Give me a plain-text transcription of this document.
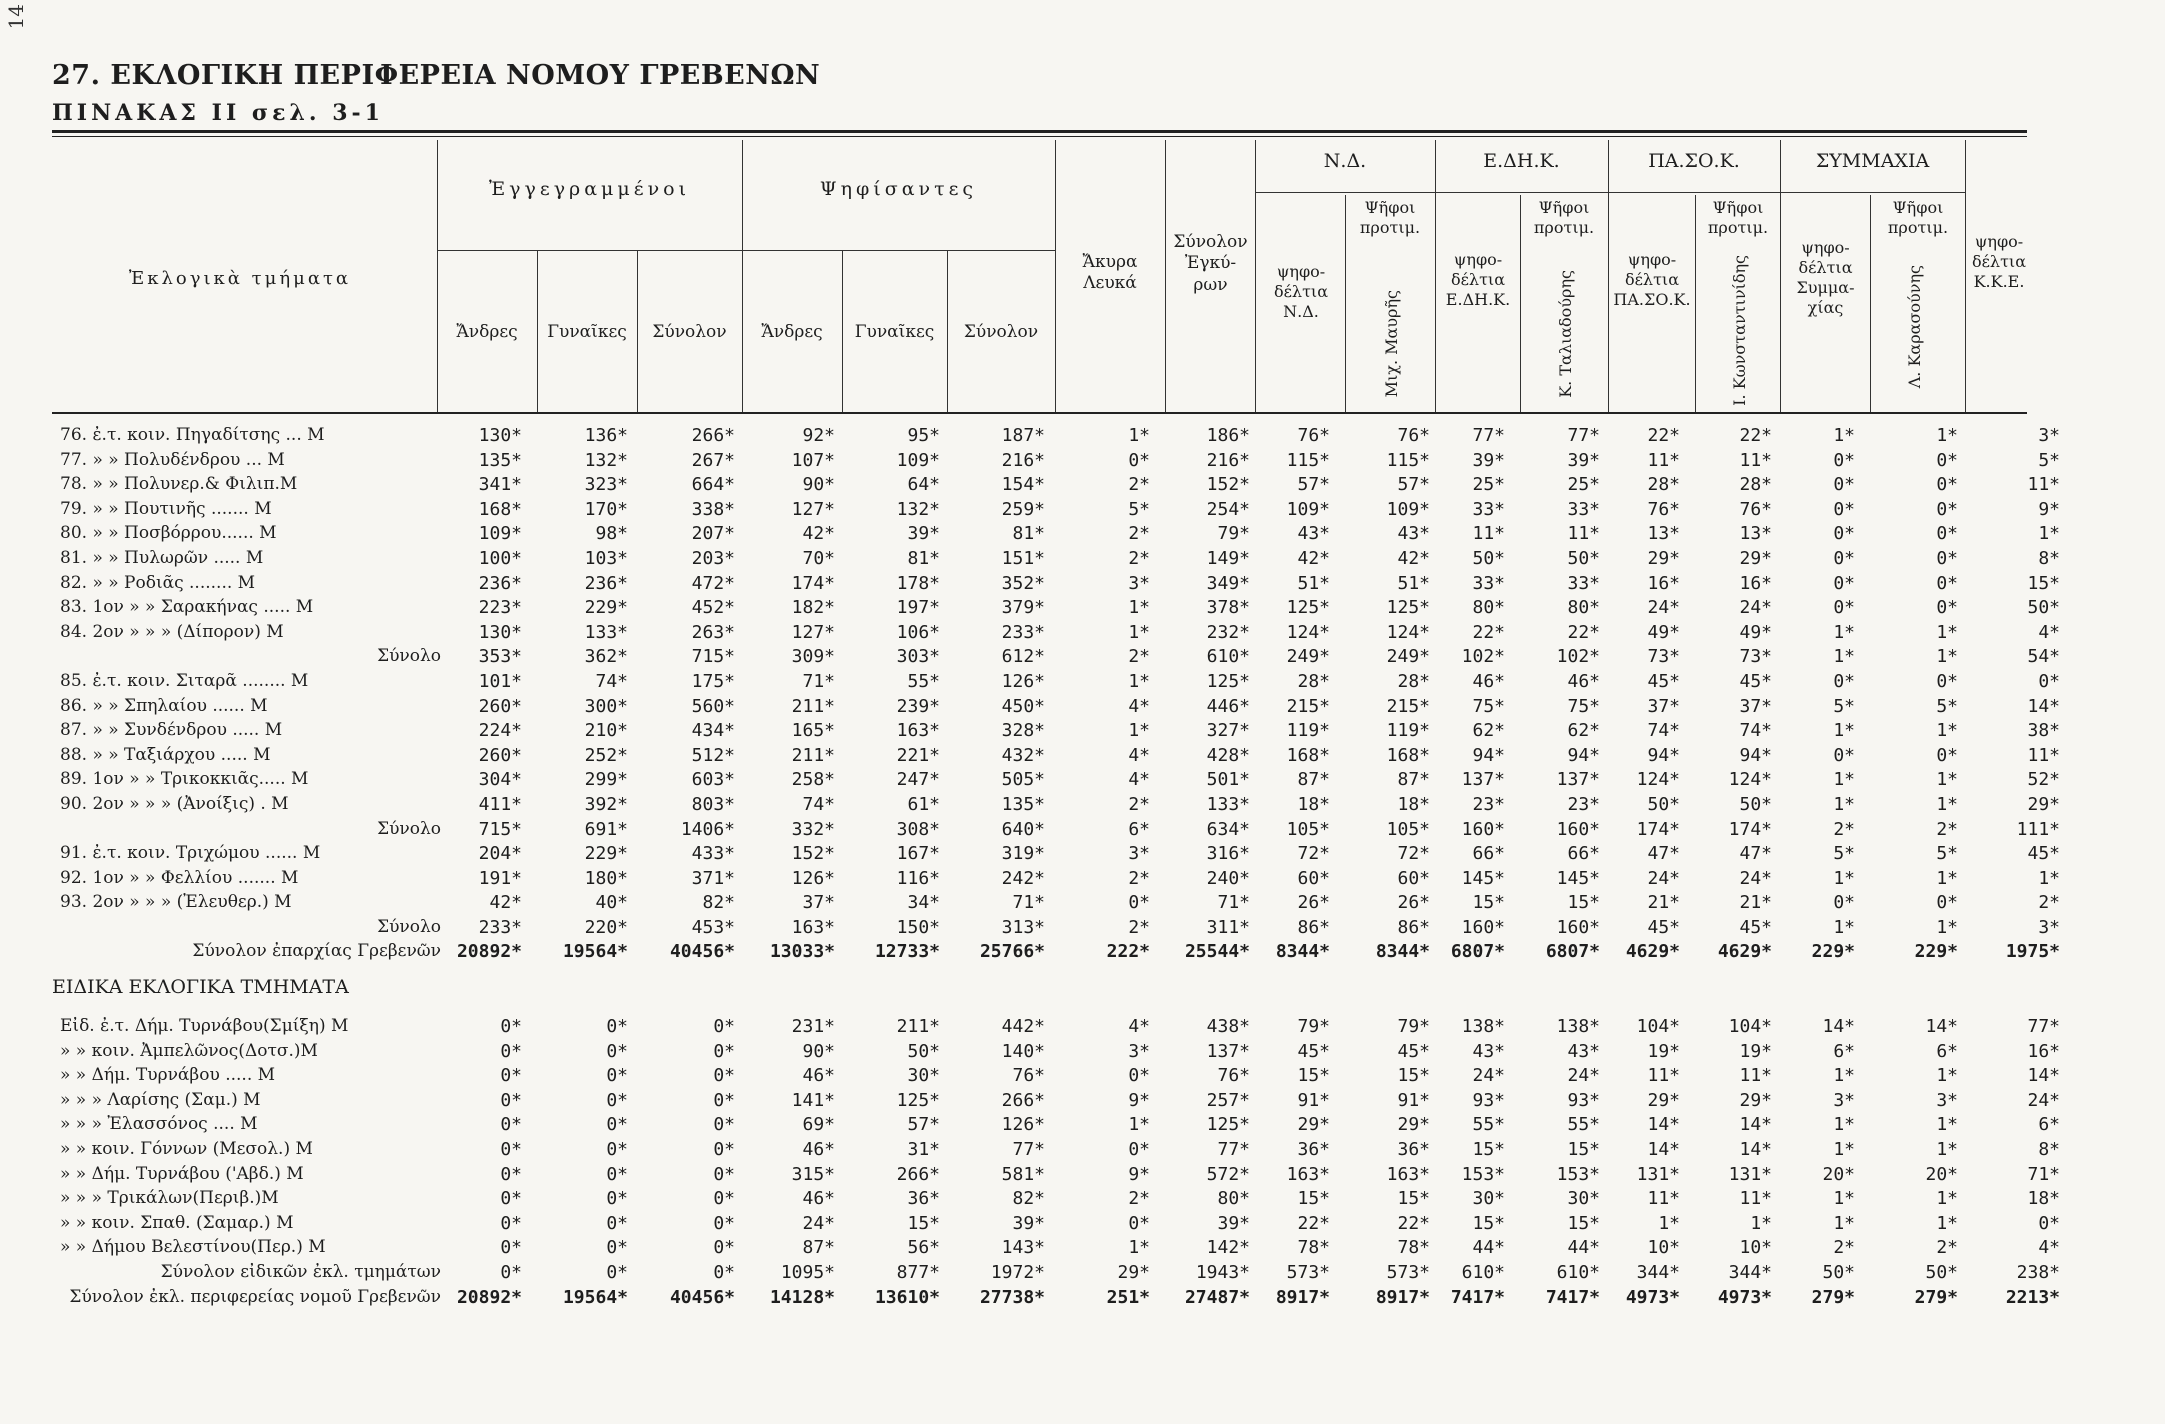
14
27. ΕΚΛΟΓΙΚΗ ΠΕΡΙΦΕΡΕΙΑ ΝΟΜΟΥ ΓΡΕΒΕΝΩΝ
ΠΙΝΑΚΑΣ II σελ. 3-1
Ἐκλογικὰ τμήματα
Ἐγγεγραμμένοι	Ψηφίσαντες
Ἄνδρες	Γυναῖκες	Σύνολον	Ἄνδρες	Γυναῖκες	Σύνολον
Ἄκυρα Λευκά
Σύνολον Ἐγκύ-ρων
Ν.Δ.	Ε.ΔΗ.Κ.	ΠΑ.ΣΟ.Κ.	ΣΥΜΜΑΧΙΑ
ψηφο-δέλτια Ν.Δ.
Ψῆφοι προτιμ.
Μιχ. Μαυρῆς
ψηφο-δέλτια Ε.ΔΗ.Κ.
Ψῆφοι προτιμ.
Κ. Ταλιαδούρης
ψηφο-δέλτια ΠΑ.ΣΟ.Κ.
Ψῆφοι προτιμ.
Ι. Κωνσταντινίδης
ψηφο-δέλτια Συμμα-χίας
Ψῆφοι προτιμ.
Λ. Καρασούνης
ψηφο-δέλτια Κ.Κ.Ε.
76. ἐ.τ. κοιν. Πηγαδίτσης ... M	130*	136*	266*	92*	95*	187*	1*	186*	76*	76* 77*	77*	22*	22*	1*	1*	3*
77. » » Πολυδένδρου ... M	135*	132*	267*	107*	109*	216*	0*	216* 115*	115* 39*	39*	11*	11*	0*	0*	5*
78. » » Πολυνερ.& Φιλιπ.M	341*	323*	664*	90*	64*	154*	2*	152*	57*	57* 25*	25*	28*	28*	0*	0*	11*
79. » » Πουτινῆς ....... M	168*	170*	338*	127*	132*	259*	5*	254* 109*	109* 33*	33*	76*	76*	0*	0*	9*
80. » » Ποσβόρρου...... M	109*	98*	207*	42*	39*	81*	2*	79*	43*	43* 11*	11*	13*	13*	0*	0*	1*
81. » » Πυλωρῶν ..... M	100*	103*	203*	70*	81*	151*	2*	149*	42*	42* 50*	50*	29*	29*	0*	0*	8*
82. » » Ροδιᾶς ........ M	236*	236*	472*	174*	178*	352*	3*	349*	51*	51* 33*	33*	16*	16*	0*	0*	15*
83. 1ον » » Σαρακήνας ..... M	223*	229*	452*	182*	197*	379*	1*	378* 125*	125* 80*	80*	24*	24*	0*	0*	50*
84. 2ον » » » (Δίπορον) M	130*	133*	263*	127*	106*	233*	1*	232* 124*	124* 22*	22*	49*	49*	1*	1*	4*
Σύνολο 353*	362*	715*	309*	303*	612*	2*	610* 249*	249* 102*	102*	73*	73*	1*	1*	54*
85. ἐ.τ. κοιν. Σιταρᾶ ........ M	101*	74*	175*	71*	55*	126*	1*	125*	28*	28* 46*	46*	45*	45*	0*	0*	0*
86. » » Σπηλαίου ...... M	260*	300*	560*	211*	239*	450*	4*	446* 215*	215* 75*	75*	37*	37*	5*	5*	14*
87. » » Συνδένδρου ..... M	224*	210*	434*	165*	163*	328*	1*	327* 119*	119* 62*	62*	74*	74*	1*	1*	38*
88. » » Ταξιάρχου ..... M	260*	252*	512*	211*	221*	432*	4*	428* 168*	168* 94*	94*	94*	94*	0*	0*	11*
89. 1ον » » Τρικοκκιᾶς..... M	304*	299*	603*	258*	247*	505*	4*	501*	87*	87* 137*	137* 124*	124*	1*	1*	52*
90. 2ον » » » (Ἀνοίξις) . M	411*	392*	803*	74*	61*	135*	2*	133*	18*	18* 23*	23*	50*	50*	1*	1*	29*
Σύνολο 715*	691*	1406*	332*	308*	640*	6*	634* 105*	105* 160*	160* 174*	174*	2*	2*	111*
91. ἐ.τ. κοιν. Τριχώμου ...... M	204*	229*	433*	152*	167*	319*	3*	316*	72*	72* 66*	66*	47*	47*	5*	5*	45*
92. 1ον » » Φελλίου ....... M	191*	180*	371*	126*	116*	242*	2*	240*	60*	60* 145*	145*	24*	24*	1*	1*	1*
93. 2ον » » » (Ἐλευθερ.) M	42*	40*	82*	37*	34*	71*	0*	71*	26*	26* 15*	15*	21*	21*	0*	0*	2*
Σύνολο 233*	220*	453*	163*	150*	313*	2*	311*	86*	86* 160*	160*	45*	45*	1*	1*	3*
Σύνολον ἐπαρχίας Γρεβενῶν 20892* 19564* 40456* 13033* 12733* 25766*	222* 25544* 8344*	8344* 6807* 6807* 4629* 4629* 229*	229*	1975*
ΕΙΔΙΚΑ ΕΚΛΟΓΙΚΑ ΤΜΗΜΑΤΑ
Εἰδ. ἐ.τ. Δήμ. Τυρνάβου(Σμίξη) M	0*	0*	0*	231*	211*	442*	4*	438*	79*	79* 138*	138* 104*	104*	14*	14*	77*
» » κοιν. Ἀμπελῶνος(Δοτσ.)M	0*	0*	0*	90*	50*	140*	3*	137*	45*	45* 43*	43*	19*	19*	6*	6*	16*
» » Δήμ. Τυρνάβου ..... M	0*	0*	0*	46*	30*	76*	0*	76*	15*	15* 24*	24*	11*	11*	1*	1*	14*
» » » Λαρίσης (Σαμ.) M	0*	0*	0*	141*	125*	266*	9*	257*	91*	91* 93*	93*	29*	29*	3*	3*	24*
» » » Ἐλασσόνος .... M	0*	0*	0*	69*	57*	126*	1*	125*	29*	29* 55*	55*	14*	14*	1*	1*	6*
» » κοιν. Γόννων (Μεσολ.) M	0*	0*	0*	46*	31*	77*	0*	77*	36*	36* 15*	15*	14*	14*	1*	1*	8*
» » Δήμ. Τυρνάβου ('Αβδ.) M	0*	0*	0*	315*	266*	581*	9*	572* 163*	163* 153*	153* 131*	131*	20*	20*	71*
» » » Τρικάλων(Περιβ.)M	0*	0*	0*	46*	36*	82*	2*	80*	15*	15* 30*	30*	11*	11*	1*	1*	18*
» » κοιν. Σπαθ. (Σαμαρ.) M	0*	0*	0*	24*	15*	39*	0*	39*	22*	22* 15*	15*	1*	1*	1*	1*	0*
» » Δήμου Βελεστίνου(Περ.) M	0*	0*	0*	87*	56*	143*	1*	142*	78*	78* 44*	44*	10*	10*	2*	2*	4*
Σύνολον εἰδικῶν ἐκλ. τμημάτων	0*	0*	0*	1095*	877*	1972*	29*	1943* 573*	573* 610*	610* 344*	344*	50*	50*	238*
Σύνολον ἐκλ. περιφερείας νομοῦ Γρεβενῶν 20892* 19564* 40456* 14128* 13610* 27738*	251* 27487* 8917*	8917* 7417* 7417* 4973* 4973* 279*	279*	2213*
